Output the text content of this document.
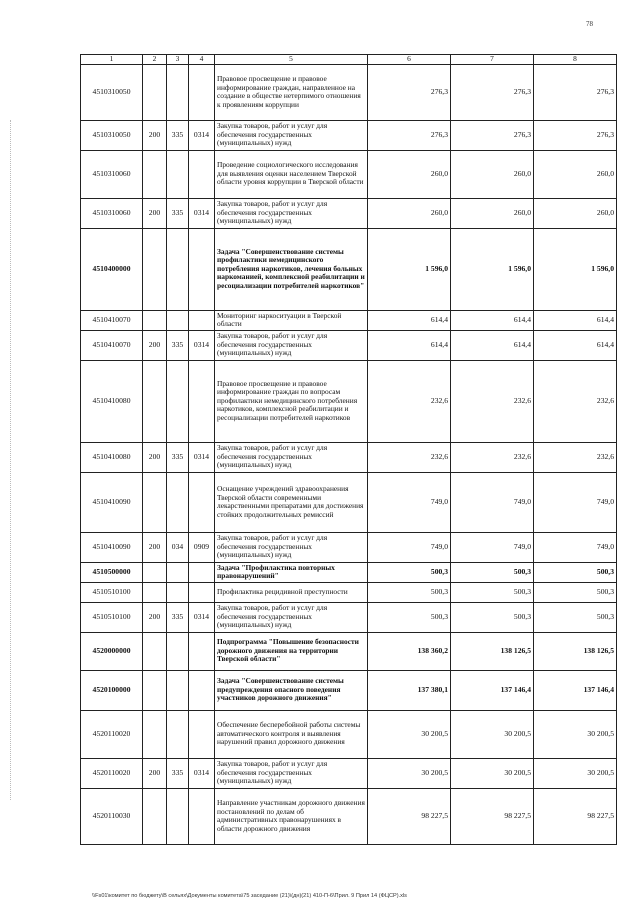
78
1	2	3	4	5	6	7	8
4510310050				Правовое просвещение и правовое информирование граждан, направленное на создание в обществе нетерпимого отношения к проявлениям коррупции	276,3	276,3	276,3
4510310050	200	335	0314	Закупка товаров, работ и услуг для обеспечения государственных (муниципальных) нужд	276,3	276,3	276,3
4510310060				Проведение социологического исследования для выявления оценки населением Тверской области уровня коррупции в Тверской области	260,0	260,0	260,0
4510310060	200	335	0314	Закупка товаров, работ и услуг для обеспечения государственных (муниципальных) нужд	260,0	260,0	260,0
4510400000				Задача "Совершенствование системы профилактики немедицинского потребления наркотиков, лечения больных наркоманией, комплексной реабилитации и ресоциализации потребителей наркотиков"	1 596,0	1 596,0	1 596,0
4510410070				Мониторинг наркоситуации в Тверской области	614,4	614,4	614,4
4510410070	200	335	0314	Закупка товаров, работ и услуг для обеспечения государственных (муниципальных) нужд	614,4	614,4	614,4
4510410080				Правовое просвещение и правовое информирование граждан по вопросам профилактики немедицинского потребления наркотиков, комплексной реабилитации и ресоциализации потребителей наркотиков	232,6	232,6	232,6
4510410080	200	335	0314	Закупка товаров, работ и услуг для обеспечения государственных (муниципальных) нужд	232,6	232,6	232,6
4510410090				Оснащение учреждений здравоохранения Тверской области современными лекарственными препаратами для достижения стойких продолжительных ремиссий	749,0	749,0	749,0
4510410090	200	034	0909	Закупка товаров, работ и услуг для обеспечения государственных (муниципальных) нужд	749,0	749,0	749,0
4510500000				Задача "Профилактика повторных правонарушений"	500,3	500,3	500,3
4510510100				Профилактика рецидивной преступности	500,3	500,3	500,3
4510510100	200	335	0314	Закупка товаров, работ и услуг для обеспечения государственных (муниципальных) нужд	500,3	500,3	500,3
4520000000				Подпрограмма "Повышение безопасности дорожного движения на территории Тверской области"	138 360,2	138 126,5	138 126,5
4520100000				Задача "Совершенствование системы предупреждения опасного поведения участников дорожного движения"	137 380,1	137 146,4	137 146,4
4520110020				Обеспечение бесперебойной работы системы автоматического контроля и выявления нарушений правил дорожного движения	30 200,5	30 200,5	30 200,5
4520110020	200	335	0314	Закупка товаров, работ и услуг для обеспечения государственных (муниципальных) нужд	30 200,5	30 200,5	30 200,5
4520110030				Направление участникам дорожного движения постановлений по делам об административных правонарушениях в области дорожного движения	98 227,5	98 227,5	98 227,5
\\Fs01\комитет по бюджету\В сельях\Документы комитета\75 заседание (21)\(дн)(21) 410-П-6\Прил. 9 Прил 14 (ФЦСР).xls
